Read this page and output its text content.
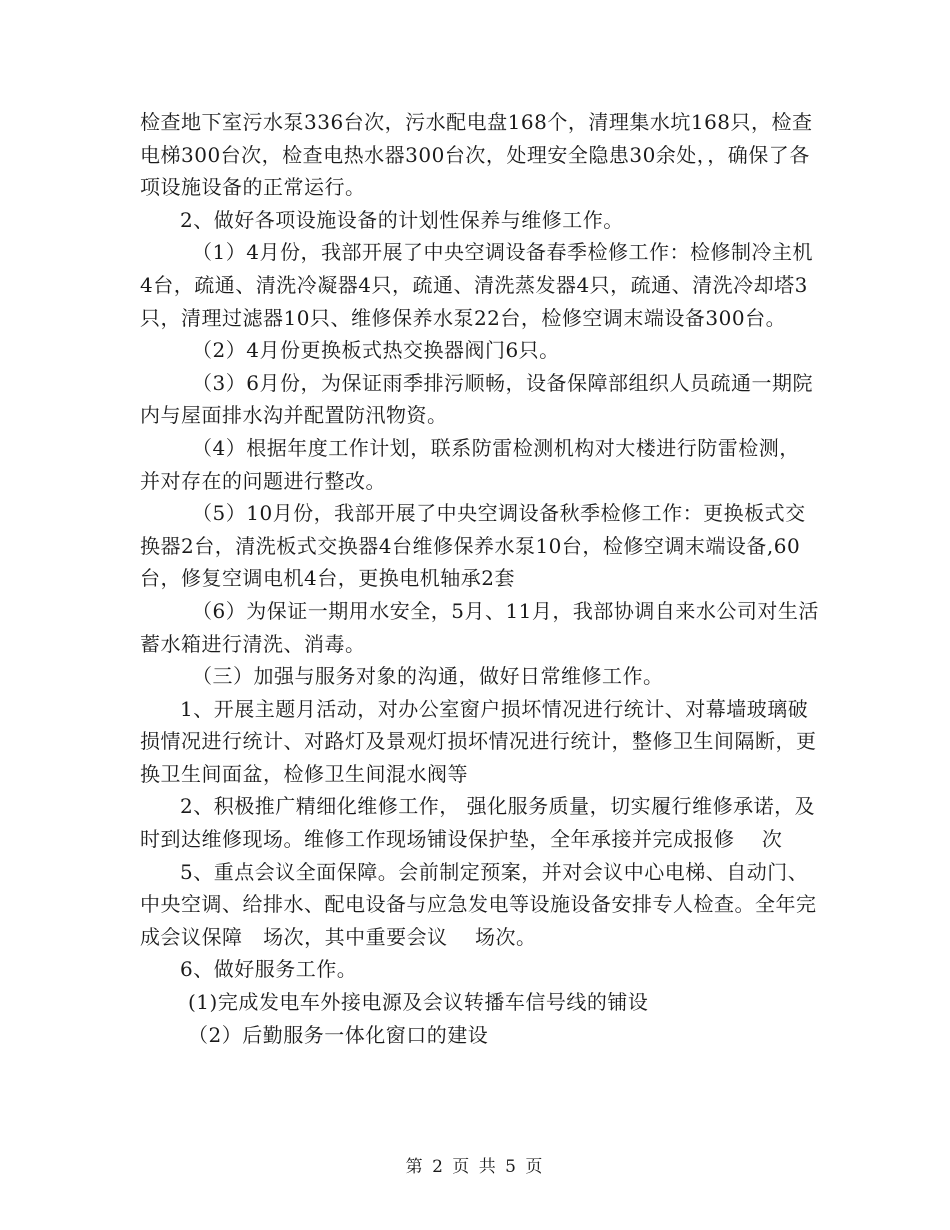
检查地下室污水泵336台次，污水配电盘168个，清理集水坑168只，检查电梯300台次，检查电热水器300台次，处理安全隐患30余处，，确保了各项设施设备的正常运行。

2、做好各项设施设备的计划性保养与维修工作。

（1）4月份，我部开展了中央空调设备春季检修工作：检修制冷主机4台，疏通、清洗冷凝器4只，疏通、清洗蒸发器4只，疏通、清洗冷却塔3只，清理过滤器10只、维修保养水泵22台，检修空调末端设备300台。

（2）4月份更换板式热交换器阀门6只。

（3）6月份，为保证雨季排污顺畅，设备保障部组织人员疏通一期院内与屋面排水沟并配置防汛物资。

（4）根据年度工作计划，联系防雷检测机构对大楼进行防雷检测，并对存在的问题进行整改。

（5）10月份，我部开展了中央空调设备秋季检修工作：更换板式交换器2台，清洗板式交换器4台维修保养水泵10台，检修空调末端设备,60台，修复空调电机4台，更换电机轴承2套

（6）为保证一期用水安全，5月、11月，我部协调自来水公司对生活蓄水箱进行清洗、消毒。

（三）加强与服务对象的沟通，做好日常维修工作。

1、开展主题月活动，对办公室窗户损坏情况进行统计、对幕墙玻璃破损情况进行统计、对路灯及景观灯损坏情况进行统计，整修卫生间隔断，更换卫生间面盆，检修卫生间混水阀等

2、积极推广精细化维修工作， 强化服务质量，切实履行维修承诺，及时到达维修现场。维修工作现场铺设保护垫，全年承接并完成报修    次

5、重点会议全面保障。会前制定预案，并对会议中心电梯、自动门、中央空调、给排水、配电设备与应急发电等设施设备安排专人检查。全年完成会议保障   场次，其中重要会议    场次。

6、做好服务工作。

(1)完成发电车外接电源及会议转播车信号线的铺设

（2）后勤服务一体化窗口的建设

第 2 页 共 5 页
